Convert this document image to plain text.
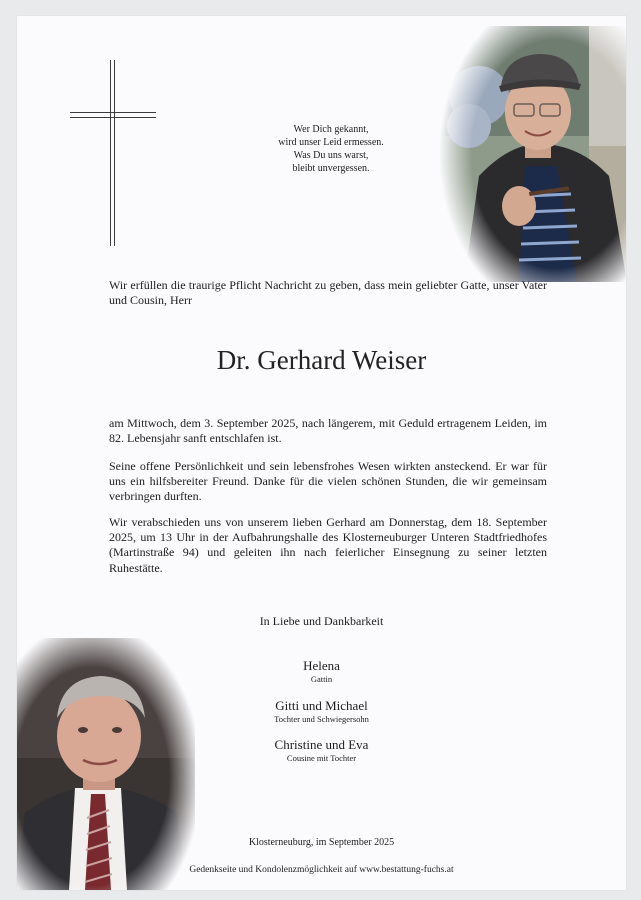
Wer Dich gekannt,
wird unser Leid ermessen.
Was Du uns warst,
bleibt unvergessen.
Wir erfüllen die traurige Pflicht Nachricht zu geben, dass mein geliebter Gatte, unser Vater und Cousin, Herr
Dr. Gerhard Weiser
am Mittwoch, dem 3. September 2025, nach längerem, mit Geduld ertragenem Leiden, im 82. Lebensjahr sanft entschlafen ist.
Seine offene Persönlichkeit und sein lebensfrohes Wesen wirkten ansteckend. Er war für uns ein hilfsbereiter Freund. Danke für die vielen schönen Stunden, die wir gemeinsam verbringen durften.
Wir verabschieden uns von unserem lieben Gerhard am Donnerstag, dem 18. September 2025, um 13 Uhr in der Aufbahrungshalle des Klosterneuburger Unteren Stadtfriedhofes (Martinstraße 94) und geleiten ihn nach feierlicher Einsegnung zu seiner letzten Ruhestätte.
In Liebe und Dankbarkeit
Helena
Gattin
Gitti und Michael
Tochter und Schwiegersohn
Christine und Eva
Cousine mit Tochter
Klosterneuburg, im September 2025
Gedenkseite und Kondolenzmöglichkeit auf www.bestattung-fuchs.at
